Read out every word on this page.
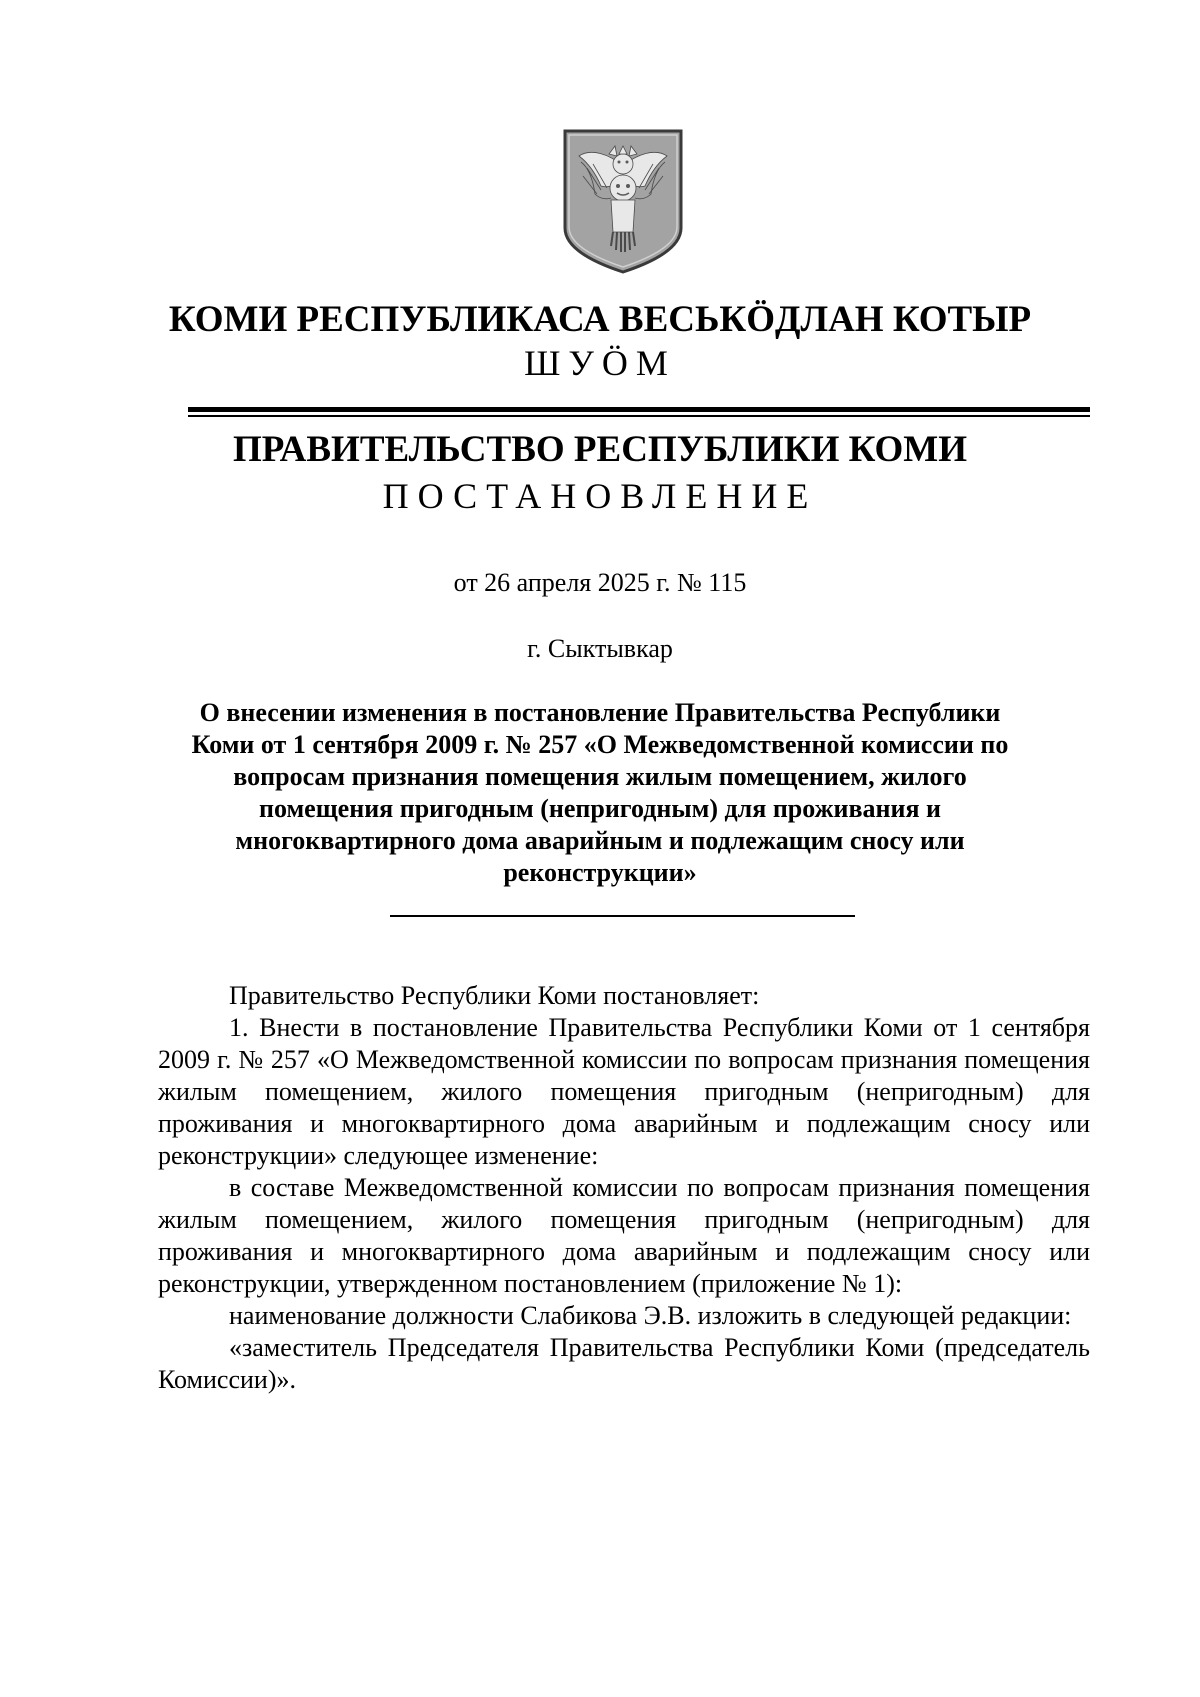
КОМИ РЕСПУБЛИКАСА ВЕСЬКӦДЛАН КОТЫР
ШУӦМ
ПРАВИТЕЛЬСТВО РЕСПУБЛИКИ КОМИ
ПОСТАНОВЛЕНИЕ
от 26 апреля 2025 г. № 115
г. Сыктывкар
О внесении изменения в постановление Правительства Республики Коми от 1 сентября 2009 г. № 257 «О Межведомственной комиссии по вопросам признания помещения жилым помещением, жилого помещения пригодным (непригодным) для проживания и многоквартирного дома аварийным и подлежащим сносу или реконструкции»

Правительство Республики Коми постановляет:

1. Внести в постановление Правительства Республики Коми от 1 сентября 2009 г. № 257 «О Межведомственной комиссии по вопросам признания помещения жилым помещением, жилого помещения пригодным (непригодным) для проживания и многоквартирного дома аварийным и подлежащим сносу или реконструкции» следующее изменение:

в составе Межведомственной комиссии по вопросам признания помещения жилым помещением, жилого помещения пригодным (непригодным) для проживания и многоквартирного дома аварийным и подлежащим сносу или реконструкции, утвержденном постановлением (приложение № 1):

наименование должности Слабикова Э.В. изложить в следующей редакции:

«заместитель Председателя Правительства Республики Коми (председатель Комиссии)».
